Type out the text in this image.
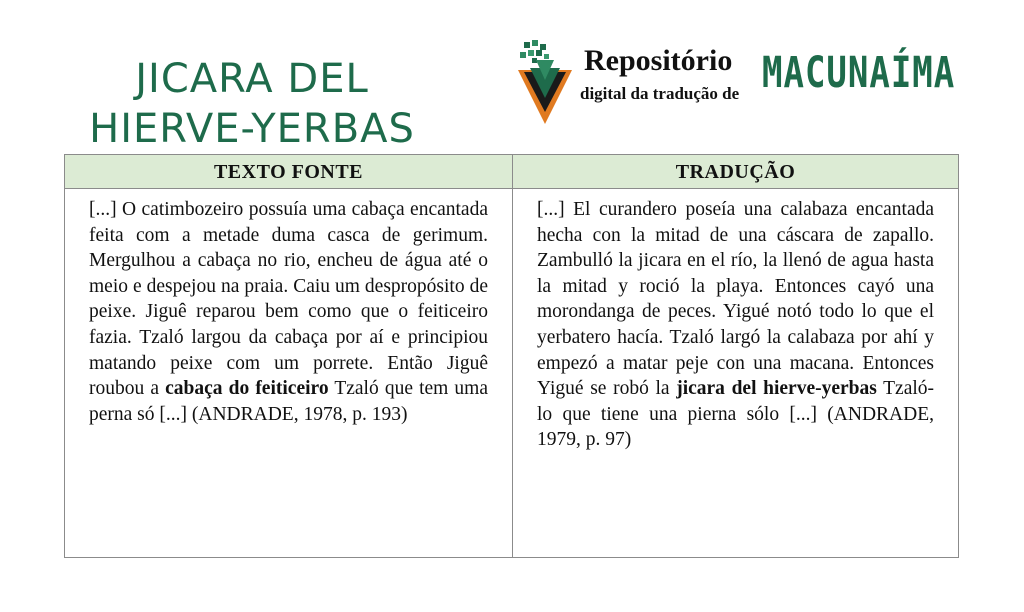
JICARA DEL
HIERVE-YERBAS
Repositório
digital da tradução de MACUNAÍMA
TEXTO FONTE
[...] O catimbozeiro possuía uma cabaça encantada feita com a metade duma casca de gerimum. Mergulhou a cabaça no rio, encheu de água até o meio e despejou na praia. Caiu um despropósito de peixe. Jiguê reparou bem como que o feiticeiro fazia. Tzaló largou da cabaça por aí e principiou matando peixe com um porrete. Então Jiguê roubou a cabaça do feiticeiro Tzaló que tem uma perna só [...] (ANDRADE, 1978, p. 193)
TRADUÇÃO
[...] El curandero poseía una calabaza encantada hecha con la mitad de una cáscara de zapallo. Zambulló la jicara en el río, la llenó de agua hasta la mitad y roció la playa. Entonces cayó una morondanga de peces. Yigué notó todo lo que el yerbatero hacía. Tzaló largó la calabaza por ahí y empezó a matar peje con una macana. Entonces Yigué se robó la jicara del hierve-yerbas Tzaló-lo que tiene una pierna sólo [...] (ANDRADE, 1979, p. 97)
